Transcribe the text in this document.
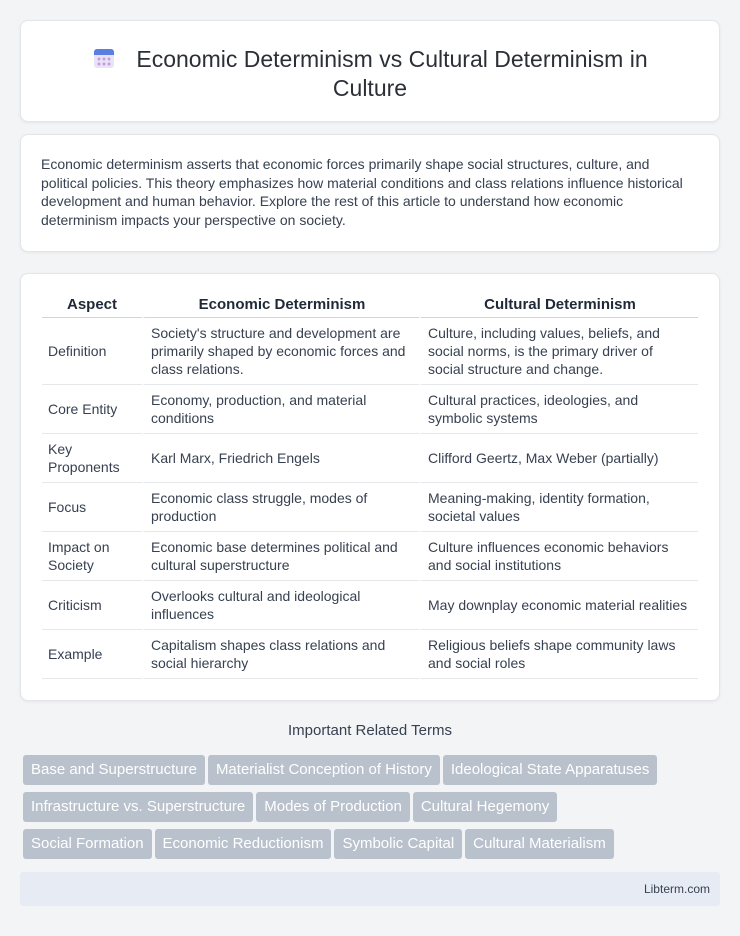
Economic Determinism vs Cultural Determinism in Culture

Economic determinism asserts that economic forces primarily shape social structures, culture, and political policies. This theory emphasizes how material conditions and class relations influence historical development and human behavior. Explore the rest of this article to understand how economic determinism impacts your perspective on society.

Aspect	Economic Determinism	Cultural Determinism
Definition	Society's structure and development are primarily shaped by economic forces and class relations.	Culture, including values, beliefs, and social norms, is the primary driver of social structure and change.
Core Entity	Economy, production, and material conditions	Cultural practices, ideologies, and symbolic systems
Key Proponents	Karl Marx, Friedrich Engels	Clifford Geertz, Max Weber (partially)
Focus	Economic class struggle, modes of production	Meaning-making, identity formation, societal values
Impact on Society	Economic base determines political and cultural superstructure	Culture influences economic behaviors and social institutions
Criticism	Overlooks cultural and ideological influences	May downplay economic material realities
Example	Capitalism shapes class relations and social hierarchy	Religious beliefs shape community laws and social roles
Important Related Terms
Base and Superstructure Materialist Conception of History Ideological State Apparatuses
Infrastructure vs. Superstructure Modes of Production Cultural Hegemony
Social Formation Economic Reductionism Symbolic Capital Cultural Materialism
Libterm.com
